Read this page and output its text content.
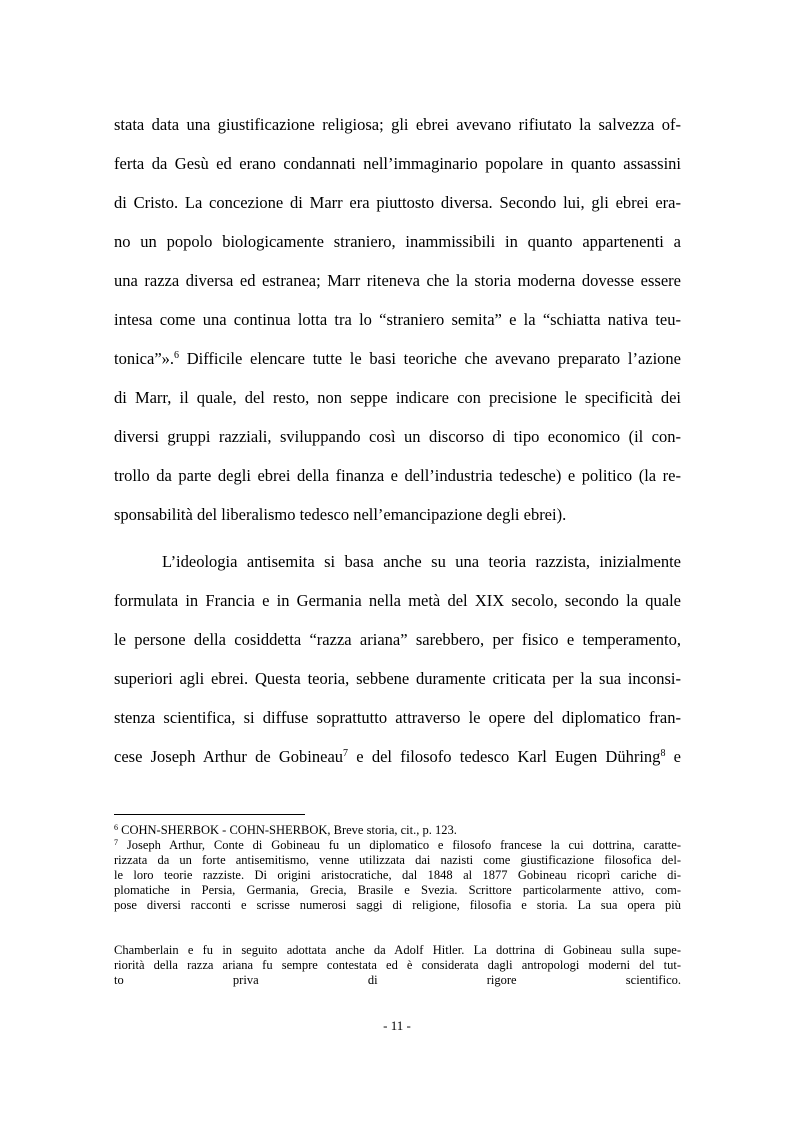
stata data una giustificazione religiosa; gli ebrei avevano rifiutato la salvezza of-
ferta da Gesù ed erano condannati nell’immaginario popolare in quanto assassini
di Cristo. La concezione di Marr era piuttosto diversa. Secondo lui, gli ebrei era-
no un popolo biologicamente straniero, inammissibili in quanto appartenenti a
una razza diversa ed estranea; Marr riteneva che la storia moderna dovesse essere
intesa come una continua lotta tra lo “straniero semita” e la “schiatta nativa teu-
tonica”».$^6$ Difficile elencare tutte le basi teoriche che avevano preparato l’azione
di Marr, il quale, del resto, non seppe indicare con precisione le specificità dei
diversi gruppi razziali, sviluppando così un discorso di tipo economico (il con-
trollo da parte degli ebrei della finanza e dell’industria tedesche) e politico (la re-
sponsabilità del liberalismo tedesco nell’emancipazione degli ebrei).
L’ideologia antisemita si basa anche su una teoria razzista, inizialmente
formulata in Francia e in Germania nella metà del XIX secolo, secondo la quale
le persone della cosiddetta “razza ariana” sarebbero, per fisico e temperamento,
superiori agli ebrei. Questa teoria, sebbene duramente criticata per la sua inconsi-
stenza scientifica, si diffuse soprattutto attraverso le opere del diplomatico fran-
cese Joseph Arthur de Gobineau$^7$ e del filosofo tedesco Karl Eugen Dühring$^8$ e
$^6$ COHN-SHERBOK - COHN-SHERBOK, Breve storia, cit., p. 123.
$^7$ Joseph Arthur, Conte di Gobineau fu un diplomatico e filosofo francese la cui dottrina, caratte-
rizzata da un forte antisemitismo, venne utilizzata dai nazisti come giustificazione filosofica del-
le loro teorie razziste. Di origini aristocratiche, dal 1848 al 1877 Gobineau ricoprì cariche di-
plomatiche in Persia, Germania, Grecia, Brasile e Svezia. Scrittore particolarmente attivo, com-
pose diversi racconti e scrisse numerosi saggi di religione, filosofia e storia. La sua opera più
Chamberlain e fu in seguito adottata anche da Adolf Hitler. La dottrina di Gobineau sulla supe-
riorità della razza ariana fu sempre contestata ed è considerata dagli antropologi moderni del tut-
to priva di rigore scientifico.
- 11 -
